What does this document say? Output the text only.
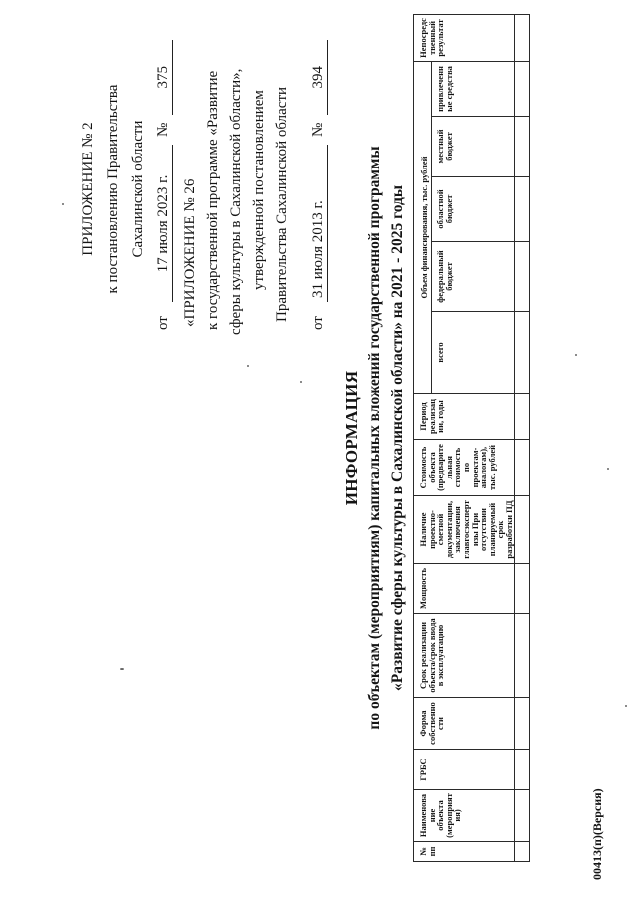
ПРИЛОЖЕНИЕ № 2 к постановлению Правительства Сахалинской области
от
17 июля 2023 г.
№
375
«ПРИЛОЖЕНИЕ № 26 к государственной программе «Развитие сферы культуры в Сахалинской области», утвержденной постановлением Правительства Сахалинской области
от
31 июля 2013 г.
№
394
ИНФОРМАЦИЯ по объектам (мероприятиям) капитальных вложений государственной программы «Развитие сферы культуры в Сахалинской области» на 2021 - 2025 годы
№ пп	Наименование объекта (мероприятия)	ГРБС	Форма собственности	Срок реализации объекта/срок ввода в эксплуатацию	Мощность	Наличие проектно-сметной документации, заключения главгосэкспертизы При отсутствии планируемый срок разработки ПД	Стоимость объекта (предварительная стоимость по проектам-аналогам), тыс. рублей	Период реализации, годы	Объем финансирования, тыс. рублей					Непосредственный результат
									всего	федеральный бюджет	областной бюджет	местный бюджет	привлеченные средства	

00413(п)(Версия)
